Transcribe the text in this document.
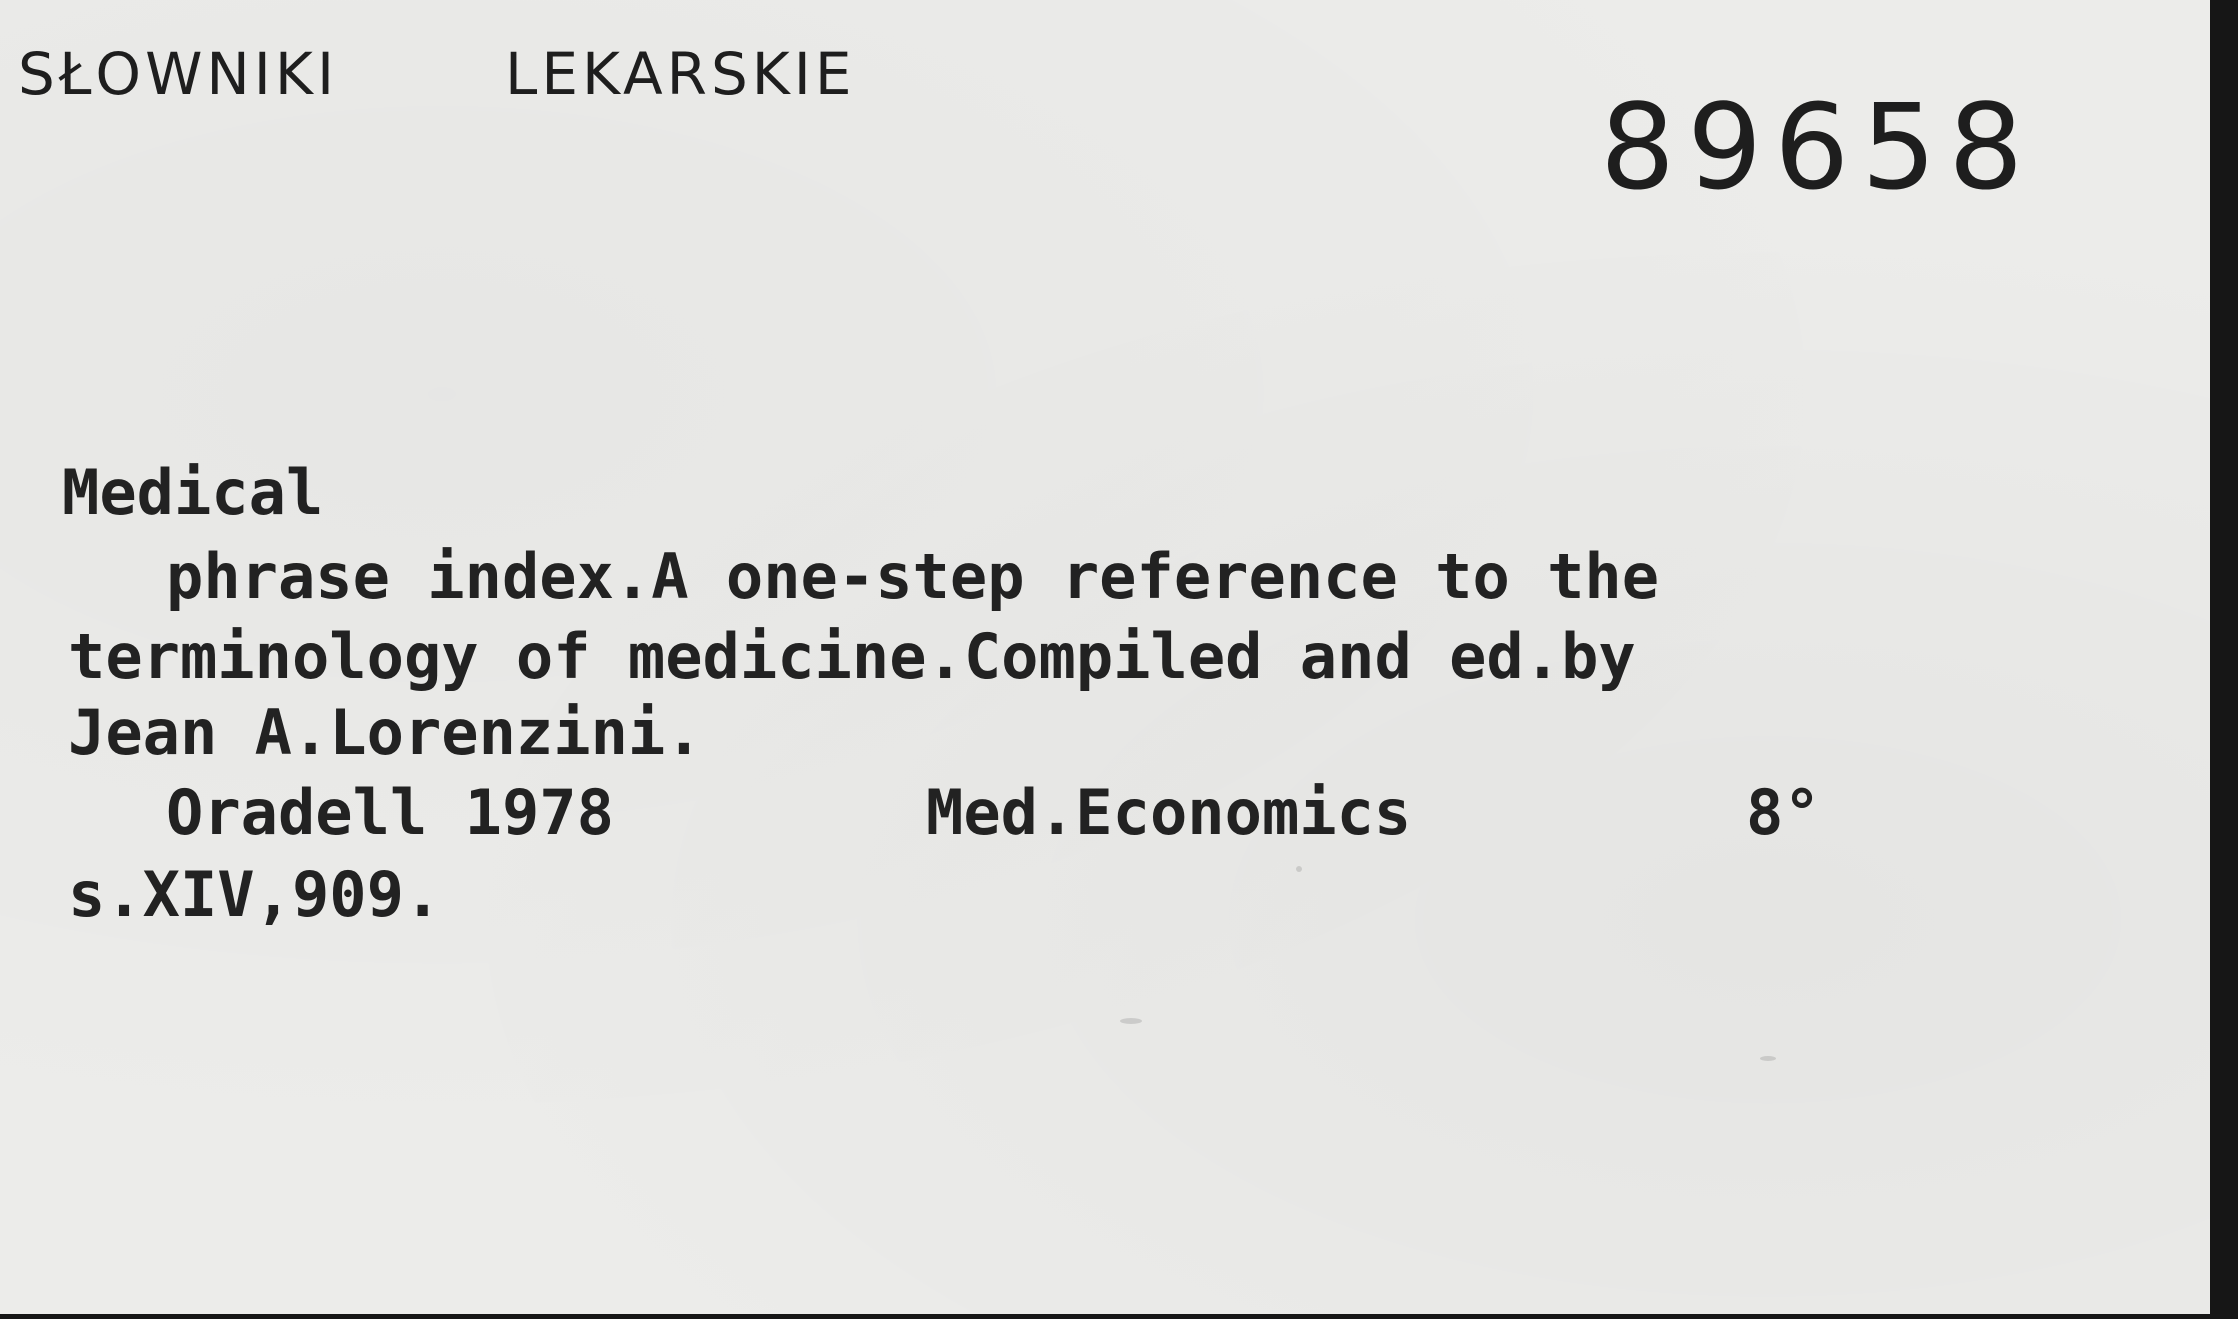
SŁOWNIKI	LEKARSKIE
89658
Medical
phrase index.A one-step reference to the
terminology of medicine.Compiled and ed.by
Jean A.Lorenzini.
Oradell 1978	Med.Economics	8°
s.XIV,909.
